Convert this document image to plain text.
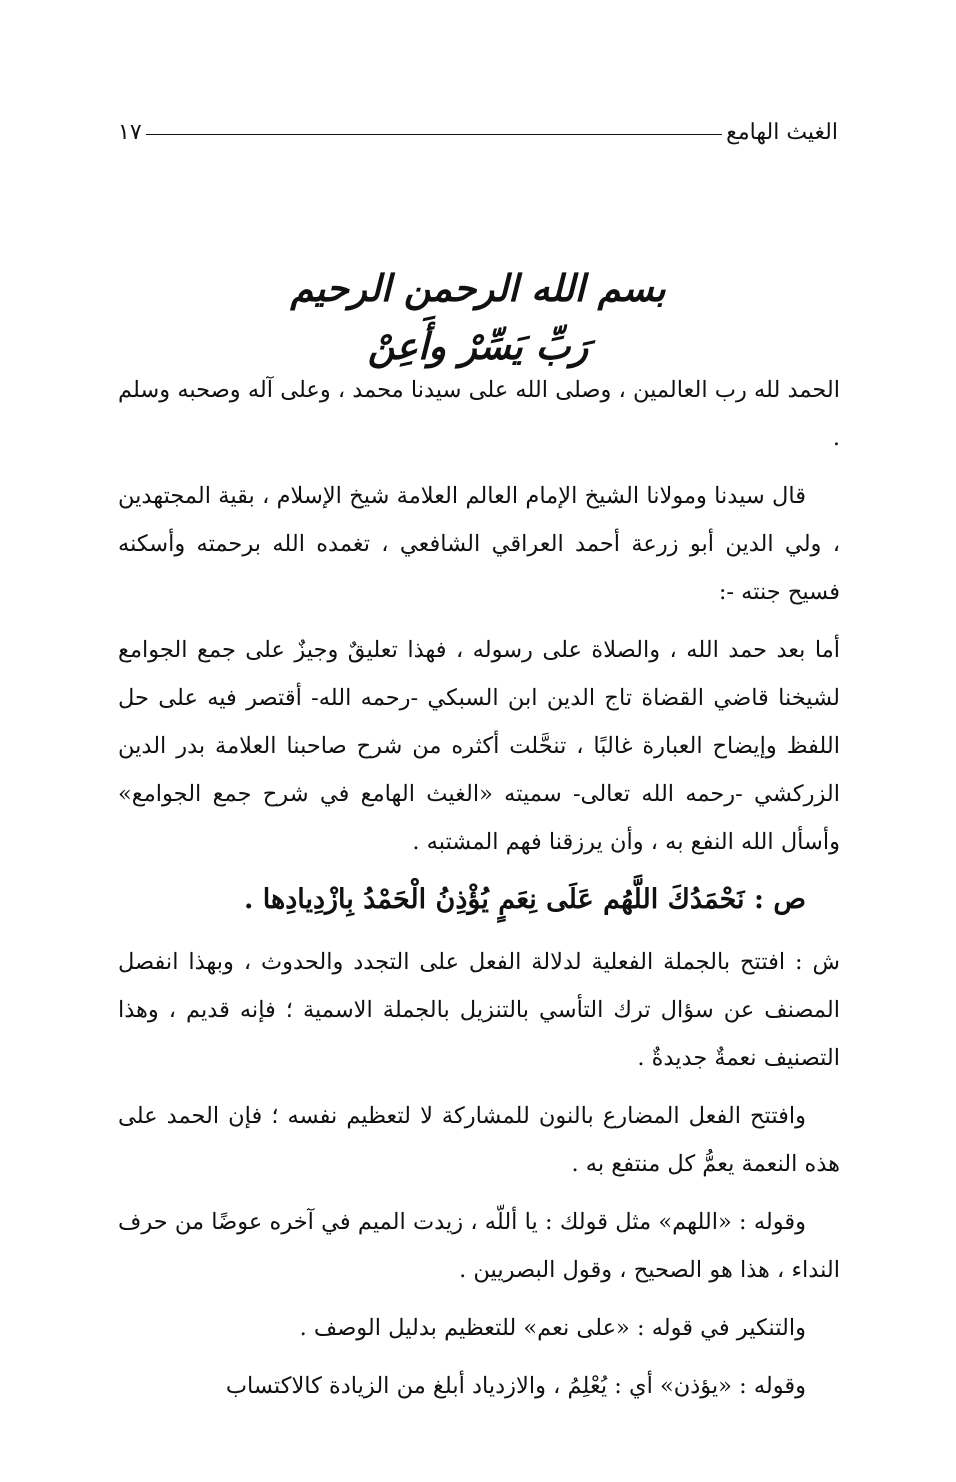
الغيث الهامع
١٧
بسم الله الرحمن الرحيم
رَبِّ يَسِّرْ وأَعِنْ

الحمد لله رب العالمين ، وصلى الله على سيدنا محمد ، وعلى آله وصحبه وسلم .

قال سيدنا ومولانا الشيخ الإمام العالم العلامة شيخ الإسلام ، بقية المجتهدين ، ولي الدين أبو زرعة أحمد العراقي الشافعي ، تغمده الله برحمته وأسكنه فسيح جنته -:

أما بعد حمد الله ، والصلاة على رسوله ، فهذا تعليقٌ وجيزٌ على جمع الجوامع لشيخنا قاضي القضاة تاج الدين ابن السبكي -رحمه الله- أقتصر فيه على حل اللفظ وإيضاح العبارة غالبًا ، تنحَّلت أكثره من شرح صاحبنا العلامة بدر الدين الزركشي -رحمه الله تعالى- سميته «الغيث الهامع في شرح جمع الجوامع» وأسأل الله النفع به ، وأن يرزقنا فهم المشتبه .

ص : نَحْمَدُكَ اللَّهُم عَلَى نِعَمٍ يُؤْذِنُ الْحَمْدُ بِازْدِيادِها .

ش : افتتح بالجملة الفعلية لدلالة الفعل على التجدد والحدوث ، وبهذا انفصل المصنف عن سؤال ترك التأسي بالتنزيل بالجملة الاسمية ؛ فإنه قديم ، وهذا التصنيف نعمةٌ جديدةٌ .

وافتتح الفعل المضارع بالنون للمشاركة لا لتعظيم نفسه ؛ فإن الحمد على هذه النعمة يعمُّ كل منتفع به .

وقوله : «اللهم» مثل قولك : يا أللّه ، زيدت الميم في آخره عوضًا من حرف النداء ، هذا هو الصحيح ، وقول البصريين .

والتنكير في قوله : «على نعم» للتعظيم بدليل الوصف .

وقوله : «يؤذن» أي : يُعْلِمُ ، والازدياد أبلغ من الزيادة كالاكتساب
